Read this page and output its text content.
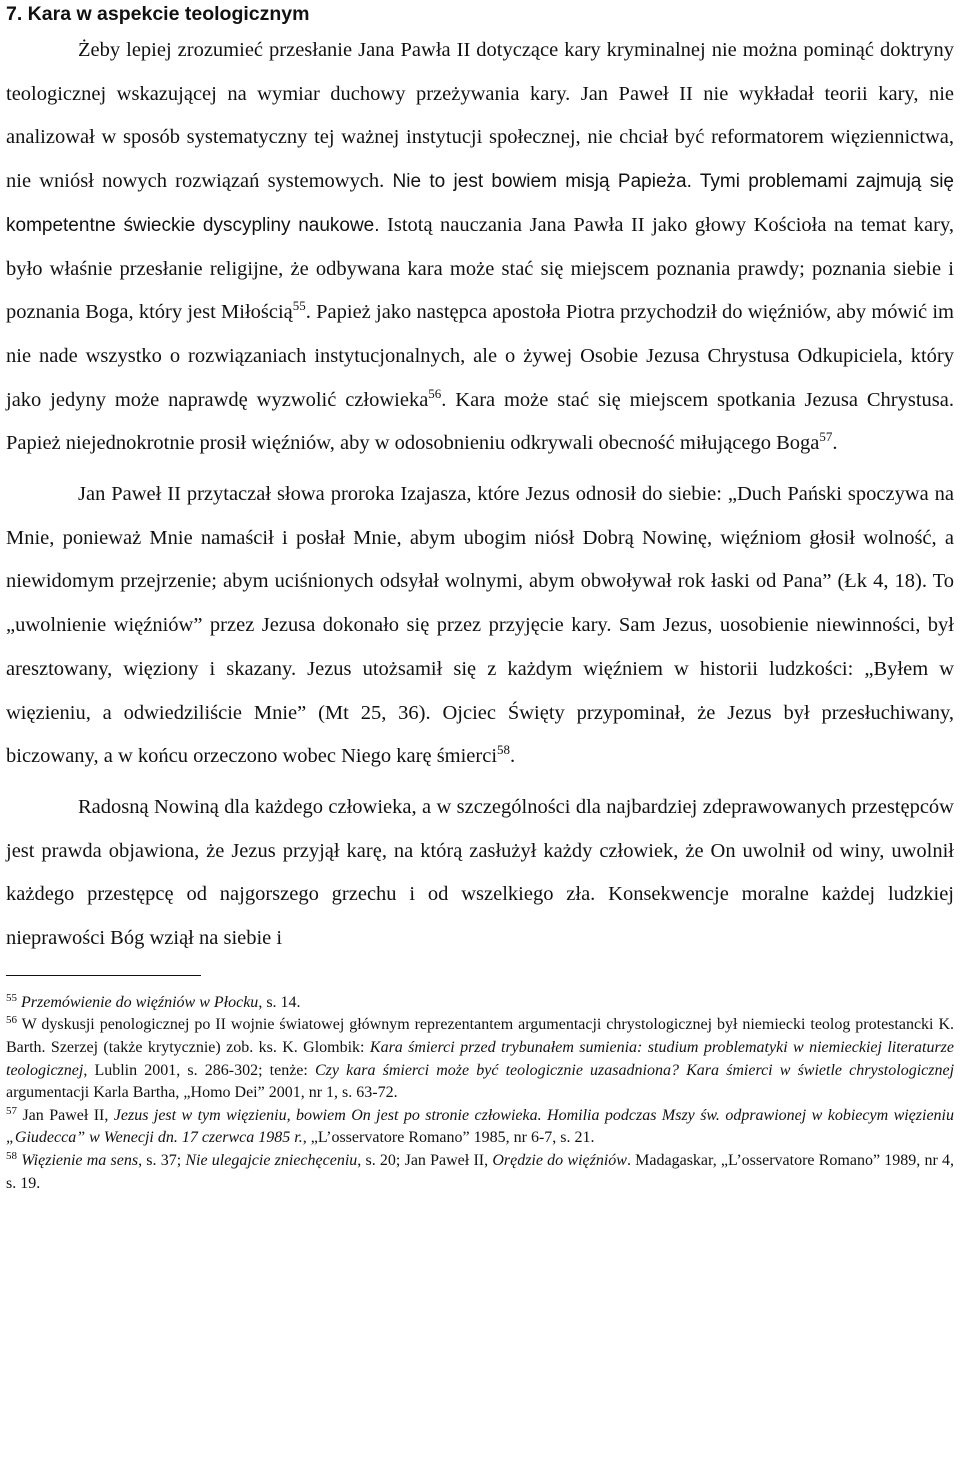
7. Kara w aspekcie teologicznym

Żeby lepiej zrozumieć przesłanie Jana Pawła II dotyczące kary kryminalnej nie można pominąć doktryny teologicznej wskazującej na wymiar duchowy przeżywania kary. Jan Paweł II nie wykładał teorii kary, nie analizował w sposób systematyczny tej ważnej instytucji społecznej, nie chciał być reformatorem więziennictwa, nie wniósł nowych rozwiązań systemowych. Nie to jest bowiem misją Papieża. Tymi problemami zajmują się kompetentne świeckie dyscypliny naukowe. Istotą nauczania Jana Pawła II jako głowy Kościoła na temat kary, było właśnie przesłanie religijne, że odbywana kara może stać się miejscem poznania prawdy; poznania siebie i poznania Boga, który jest Miłością$^{55}$. Papież jako następca apostoła Piotra przychodził do więźniów, aby mówić im nie nade wszystko o rozwiązaniach instytucjonalnych, ale o żywej Osobie Jezusa Chrystusa Odkupiciela, który jako jedyny może naprawdę wyzwolić człowieka$^{56}$. Kara może stać się miejscem spotkania Jezusa Chrystusa. Papież niejednokrotnie prosił więźniów, aby w odosobnieniu odkrywali obecność miłującego Boga$^{57}$.

Jan Paweł II przytaczał słowa proroka Izajasza, które Jezus odnosił do siebie: „Duch Pański spoczywa na Mnie, ponieważ Mnie namaścił i posłał Mnie, abym ubogim niósł Dobrą Nowinę, więźniom głosił wolność, a niewidomym przejrzenie; abym uciśnionych odsyłał wolnymi, abym obwoływał rok łaski od Pana” (Łk 4, 18). To „uwolnienie więźniów” przez Jezusa dokonało się przez przyjęcie kary. Sam Jezus, uosobienie niewinności, był aresztowany, więziony i skazany. Jezus utożsamił się z każdym więźniem w historii ludzkości: „Byłem w więzieniu, a odwiedziliście Mnie” (Mt 25, 36). Ojciec Święty przypominał, że Jezus był przesłuchiwany, biczowany, a w końcu orzeczono wobec Niego karę śmierci$^{58}$.

Radosną Nowiną dla każdego człowieka, a w szczególności dla najbardziej zdeprawowanych przestępców jest prawda objawiona, że Jezus przyjął karę, na którą zasłużył każdy człowiek, że On uwolnił od winy, uwolnił każdego przestępcę od najgorszego grzechu i od wszelkiego zła. Konsekwencje moralne każdej ludzkiej nieprawości Bóg wziął na siebie i

$^{55}$ Przemówienie do więźniów w Płocku, s. 14.

$^{56}$ W dyskusji penologicznej po II wojnie światowej głównym reprezentantem argumentacji chrystologicznej był niemiecki teolog protestancki K. Barth. Szerzej (także krytycznie) zob. ks. K. Glombik: Kara śmierci przed trybunałem sumienia: studium problematyki w niemieckiej literaturze teologicznej, Lublin 2001, s. 286-302; tenże: Czy kara śmierci może być teologicznie uzasadniona? Kara śmierci w świetle chrystologicznej argumentacji Karla Bartha, „Homo Dei” 2001, nr 1, s. 63-72.

$^{57}$ Jan Paweł II, Jezus jest w tym więzieniu, bowiem On jest po stronie człowieka. Homilia podczas Mszy św. odprawionej w kobiecym więzieniu „Giudecca” w Wenecji dn. 17 czerwca 1985 r., „L’osservatore Romano” 1985, nr 6-7, s. 21.

$^{58}$ Więzienie ma sens, s. 37; Nie ulegajcie zniechęceniu, s. 20; Jan Paweł II, Orędzie do więźniów. Madagaskar, „L’osservatore Romano” 1989, nr 4, s. 19.
